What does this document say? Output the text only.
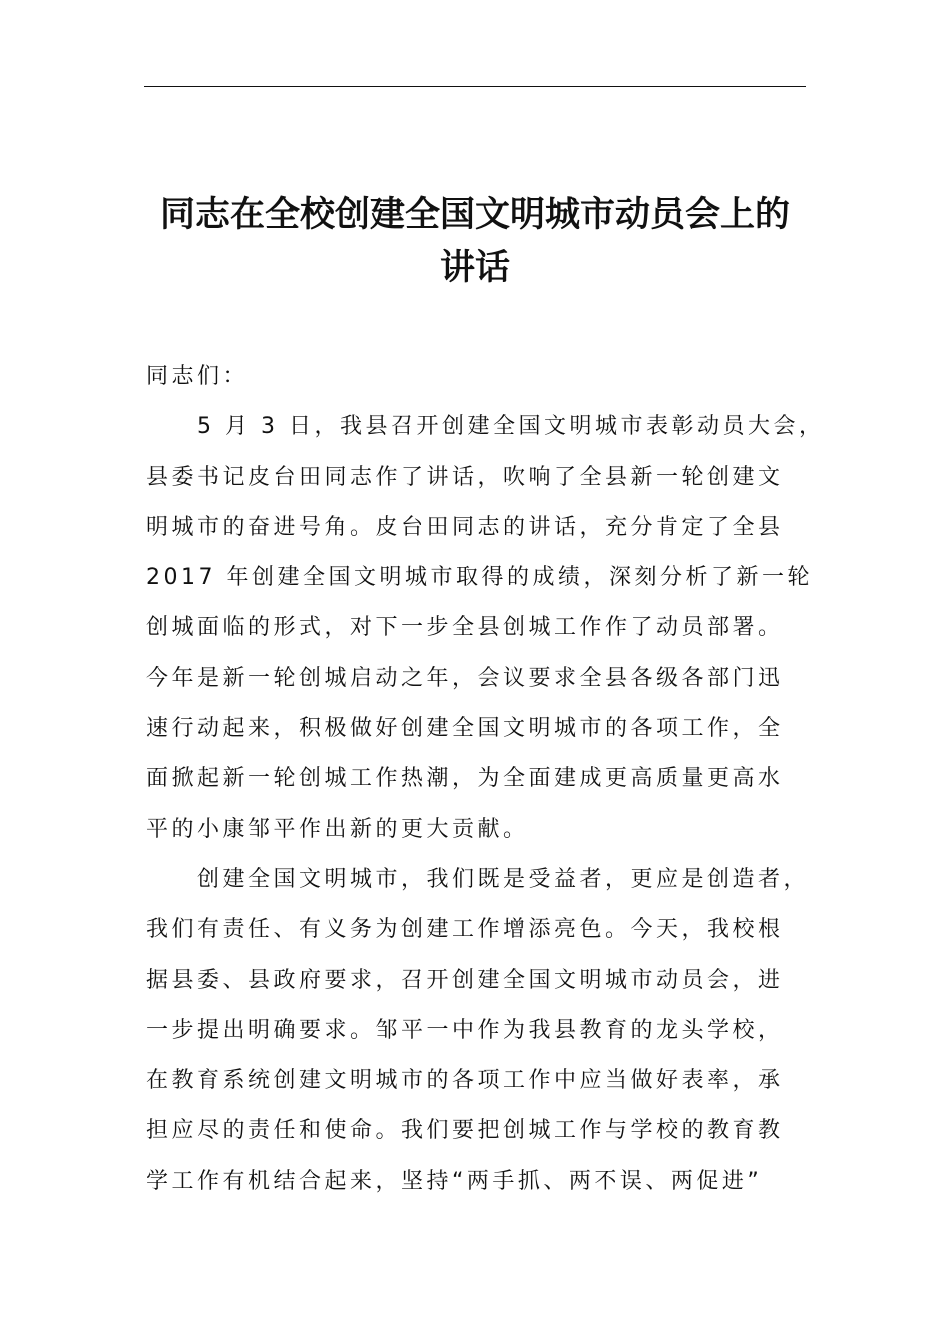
同志在全校创建全国文明城市动员会上的
讲话
同志们：
　　5 月 3 日，我县召开创建全国文明城市表彰动员大会，
县委书记皮台田同志作了讲话，吹响了全县新一轮创建文
明城市的奋进号角。皮台田同志的讲话，充分肯定了全县
2017 年创建全国文明城市取得的成绩，深刻分析了新一轮
创城面临的形式，对下一步全县创城工作作了动员部署。
今年是新一轮创城启动之年，会议要求全县各级各部门迅
速行动起来，积极做好创建全国文明城市的各项工作，全
面掀起新一轮创城工作热潮，为全面建成更高质量更高水
平的小康邹平作出新的更大贡献。
　　创建全国文明城市，我们既是受益者，更应是创造者，
我们有责任、有义务为创建工作增添亮色。今天，我校根
据县委、县政府要求，召开创建全国文明城市动员会，进
一步提出明确要求。邹平一中作为我县教育的龙头学校，
在教育系统创建文明城市的各项工作中应当做好表率，承
担应尽的责任和使命。我们要把创城工作与学校的教育教
学工作有机结合起来，坚持“两手抓、两不误、两促进”
